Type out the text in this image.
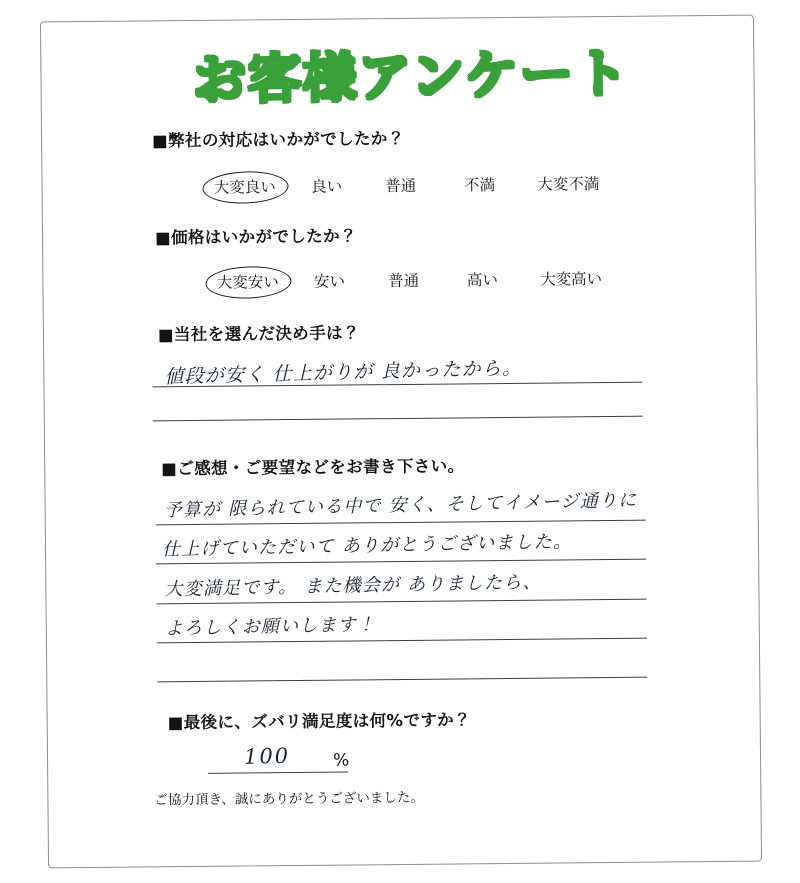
お客様アンケート
■弊社の対応はいかがでしたか？
大変良い	良い	普通	不満	大変不満
■価格はいかがでしたか？
大変安い	安い	普通	高い	大変高い
■当社を選んだ決め手は？
値段が安く 仕上がりが 良かったから。
■ご感想・ご要望などをお書き下さい。
予算が 限られている中で 安く、そしてイメージ通りに
仕上げていただいて ありがとうございました。
大変満足です。 また機会が ありましたら、
よろしくお願いします！
■最後に、ズバリ満足度は何%ですか？
100	%
ご協力頂き、誠にありがとうございました。
